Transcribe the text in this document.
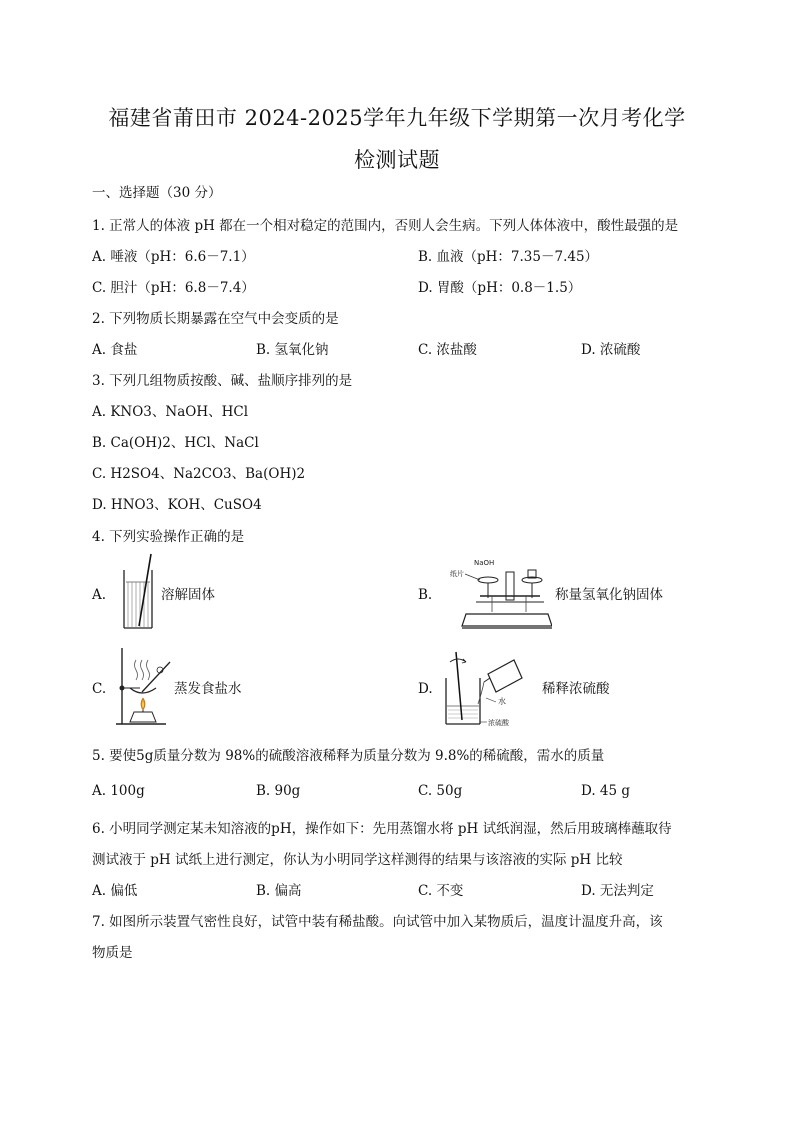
福建省莆田市 2024-2025学年九年级下学期第一次月考化学
检测试题
一、选择题（30 分）
1. 正常人的体液 pH 都在一个相对稳定的范围内，否则人会生病。下列人体体液中，酸性最强的是
A. 唾液（pH：6.6－7.1）	B. 血液（pH：7.35－7.45）
C. 胆汁（pH：6.8－7.4）	D. 胃酸（pH：0.8－1.5）
2. 下列物质长期暴露在空气中会变质的是
A. 食盐	B. 氢氧化钠	C. 浓盐酸	D. 浓硫酸
3. 下列几组物质按酸、碱、盐顺序排列的是
A. KNO3、NaOH、HCl
B. Ca(OH)2、HCl、NaCl
C. H2SO4、Na2CO3、Ba(OH)2
D. HNO3、KOH、CuSO4
4. 下列实验操作正确的是
A.	溶解固体	B.
纸片
NaOH
称量氢氧化钠固体
C.	蒸发食盐水	D.
水
浓硫酸
稀释浓硫酸
5. 要使5g质量分数为 98%的硫酸溶液稀释为质量分数为 9.8%的稀硫酸，需水的质量
A. 100g	B. 90g	C. 50g	D. 45 g
6. 小明同学测定某未知溶液的pH，操作如下：先用蒸馏水将 pH 试纸润湿，然后用玻璃棒蘸取待
测试液于 pH 试纸上进行测定，你认为小明同学这样测得的结果与该溶液的实际 pH 比较
A. 偏低	B. 偏高	C. 不变	D. 无法判定
7. 如图所示装置气密性良好，试管中装有稀盐酸。向试管中加入某物质后，温度计温度升高，该
物质是
